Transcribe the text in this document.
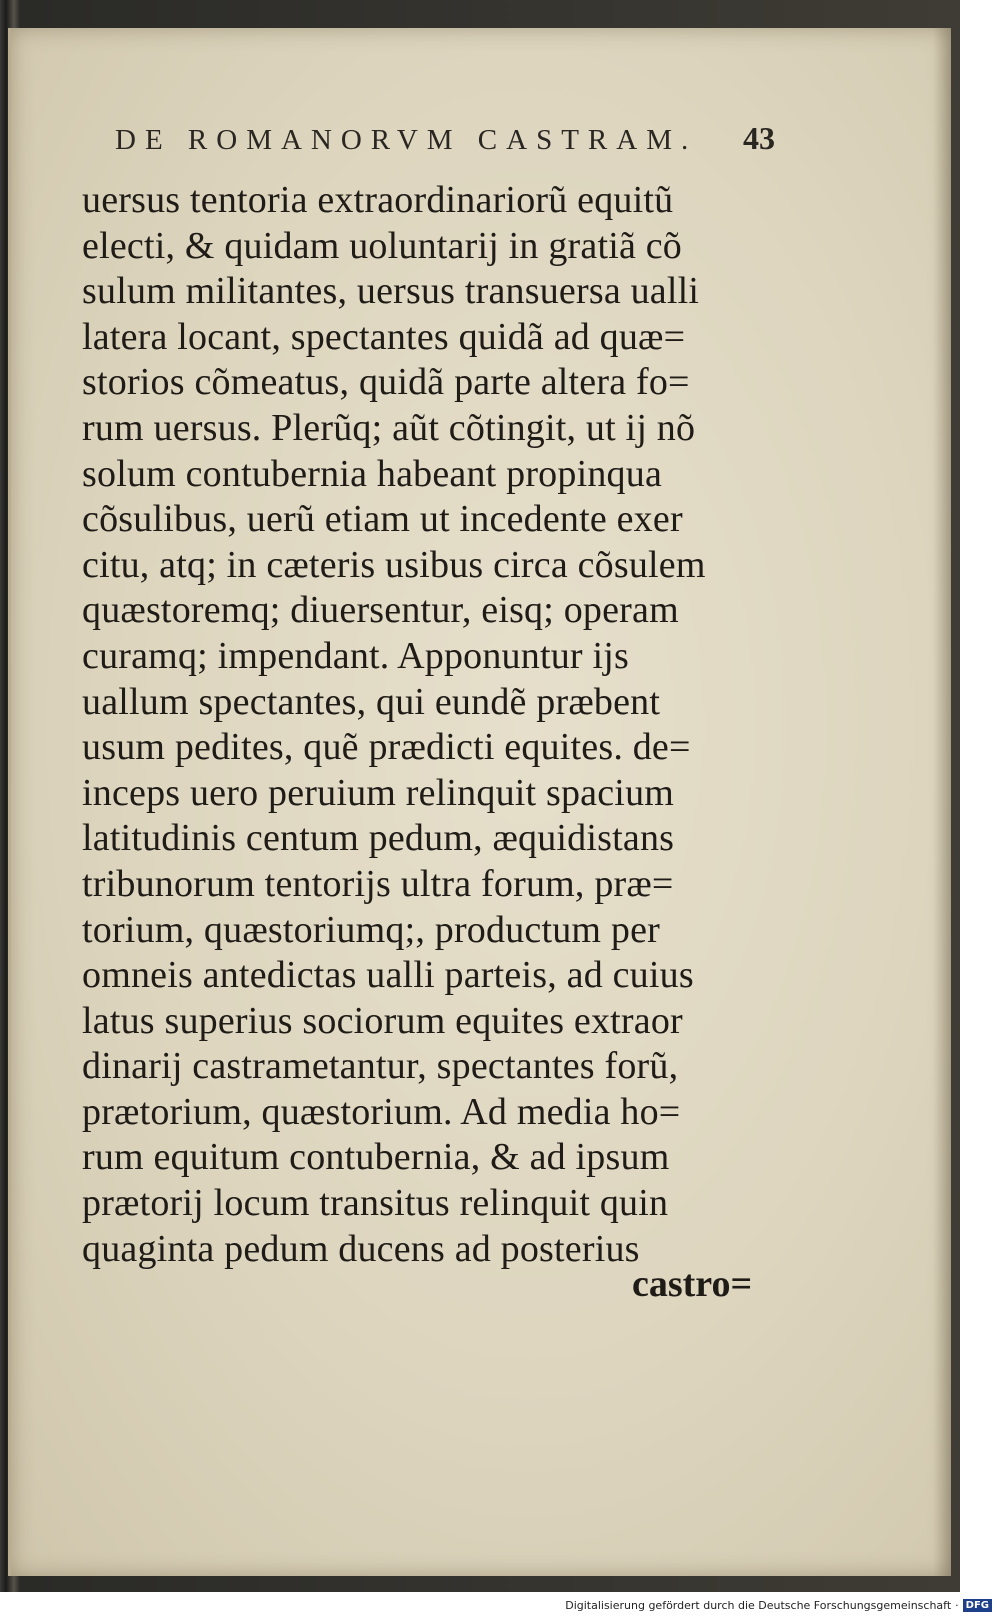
DE ROMANORVM CASTRAM. 43
uersus tentoria extraordinariorũ equitũ
electi, & quidam uoluntarij in gratiã cõ
sulum militantes, uersus transuersa ualli
latera locant, spectantes quidã ad quæ=
storios cõmeatus, quidã parte altera fo=
rum uersus. Plerũq; aũt cõtingit, ut ij nõ
solum contubernia habeant propinqua
cõsulibus, uerũ etiam ut incedente exer
citu, atq; in cæteris usibus circa cõsulem
quæstoremq; diuersentur, eisq; operam
curamq; impendant. Apponuntur ijs
uallum spectantes, qui eundẽ præbent
usum pedites, quẽ prædicti equites. de=
inceps uero peruium relinquit spacium
latitudinis centum pedum, æquidistans
tribunorum tentorijs ultra forum, præ=
torium, quæstoriumq;, productum per
omneis antedictas ualli parteis, ad cuius
latus superius sociorum equites extraor
dinarij castrametantur, spectantes forũ,
prætorium, quæstorium. Ad media ho=
rum equitum contubernia, & ad ipsum
prætorij locum transitus relinquit quin
quaginta pedum ducens ad posterius
castro=
Digitalisierung gefördert durch die Deutsche Forschungsgemeinschaft · DFG
